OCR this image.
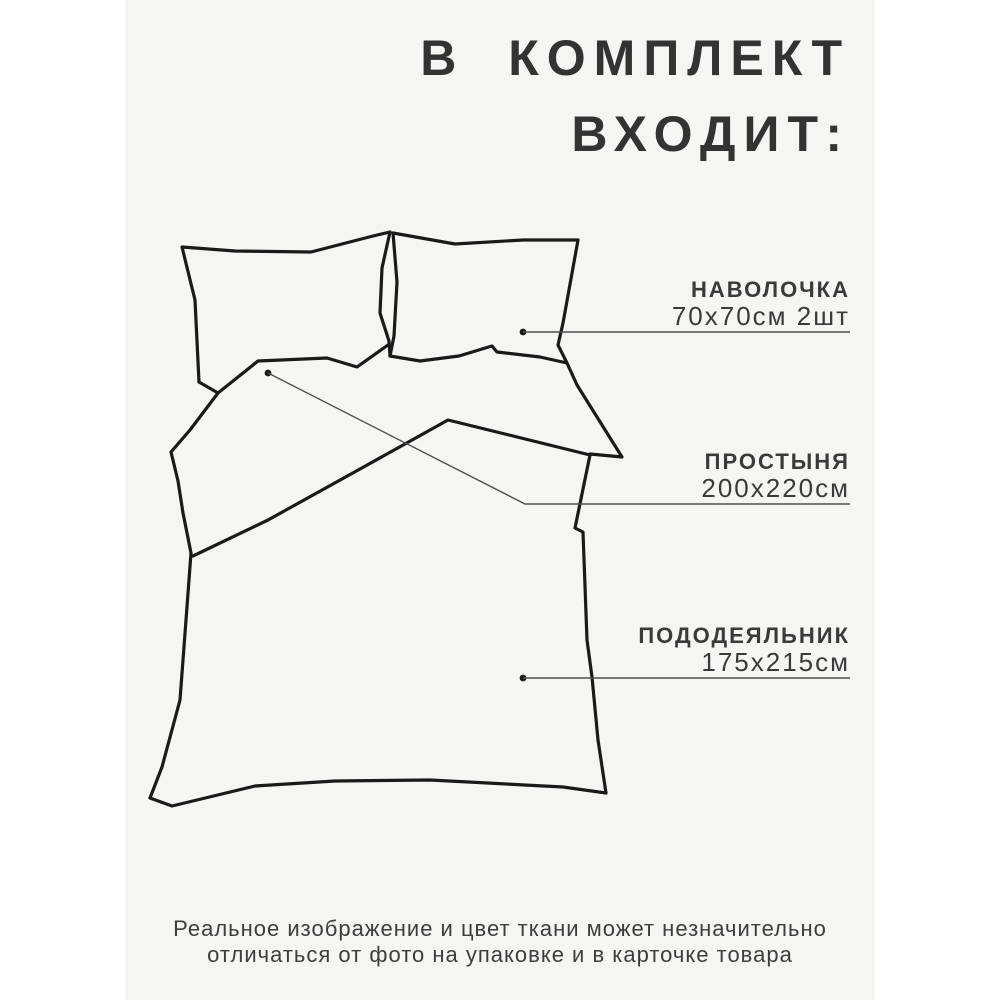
В КОМПЛЕКТ
ВХОДИТ:
НАВОЛОЧКА
70х70см 2шт
ПРОСТЫНЯ
200х220см
ПОДОДЕЯЛЬНИК
175х215см
Реальное изображение и цвет ткани может незначительно
отличаться от фото на упаковке и в карточке товара
